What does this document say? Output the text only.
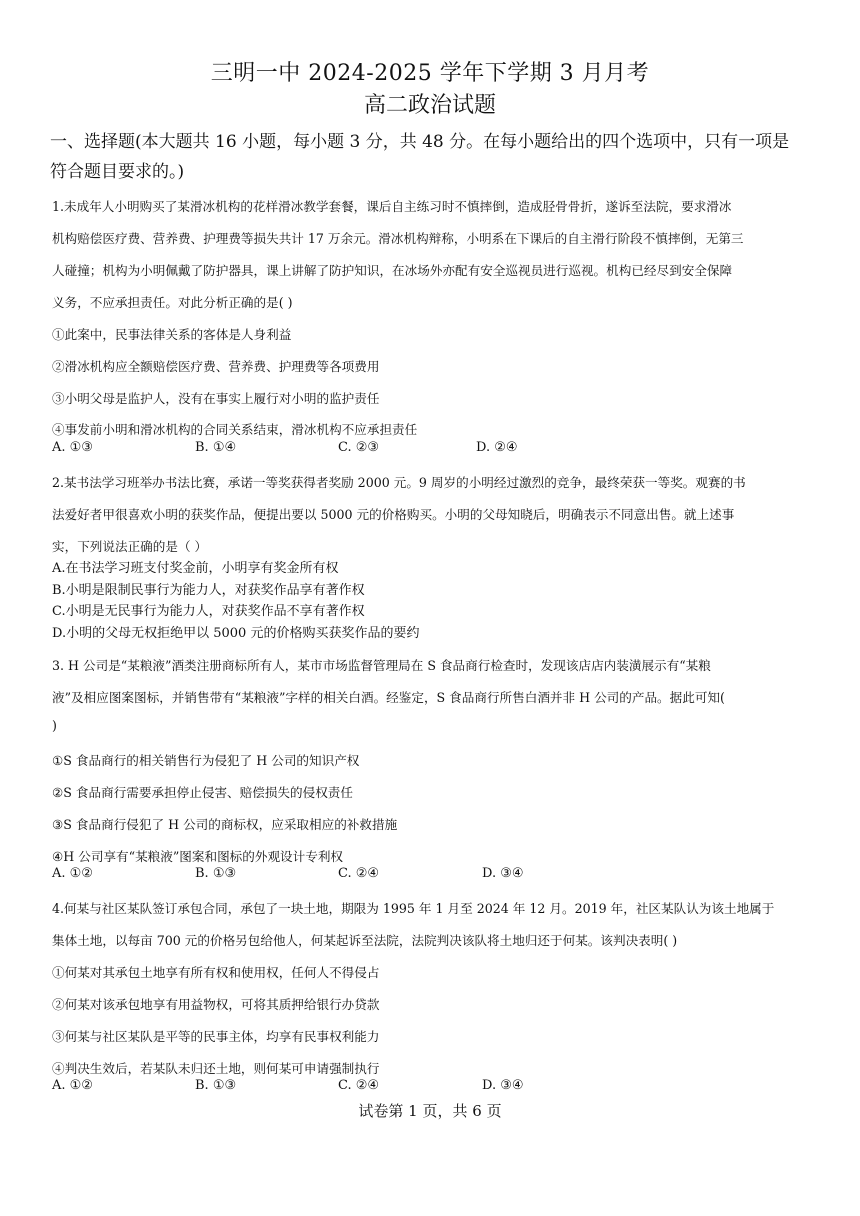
三明一中 2024-2025 学年下学期 3 月月考
高二政治试题
一、选择题(本大题共 16 小题，每小题 3 分，共 48 分。在每小题给出的四个选项中，只有一项是
符合题目要求的。)
1.未成年人小明购买了某滑冰机构的花样滑冰教学套餐，课后自主练习时不慎摔倒，造成胫骨骨折，遂诉至法院，要求滑冰
机构赔偿医疗费、营养费、护理费等损失共计 17 万余元。滑冰机构辩称，小明系在下课后的自主滑行阶段不慎摔倒，无第三
人碰撞；机构为小明佩戴了防护器具，课上讲解了防护知识，在冰场外亦配有安全巡视员进行巡视。机构已经尽到安全保障
义务，不应承担责任。对此分析正确的是( )
①此案中，民事法律关系的客体是人身利益
②滑冰机构应全额赔偿医疗费、营养费、护理费等各项费用
③小明父母是监护人，没有在事实上履行对小明的监护责任
④事发前小明和滑冰机构的合同关系结束，滑冰机构不应承担责任
A. ①③	B. ①④	C. ②③	D. ②④
2.某书法学习班举办书法比赛，承诺一等奖获得者奖励 2000 元。9 周岁的小明经过激烈的竞争，最终荣获一等奖。观赛的书
法爱好者甲很喜欢小明的获奖作品，便提出要以 5000 元的价格购买。小明的父母知晓后，明确表示不同意出售。就上述事
实，下列说法正确的是（ ）
A.在书法学习班支付奖金前，小明享有奖金所有权
B.小明是限制民事行为能力人，对获奖作品享有著作权
C.小明是无民事行为能力人，对获奖作品不享有著作权
D.小明的父母无权拒绝甲以 5000 元的价格购买获奖作品的要约
3. H 公司是“某粮液”酒类注册商标所有人，某市市场监督管理局在 S 食品商行检查时，发现该店店内装潢展示有“某粮
液”及相应图案图标，并销售带有“某粮液”字样的相关白酒。经鉴定，S 食品商行所售白酒并非 H 公司的产品。据此可知(
)
①S 食品商行的相关销售行为侵犯了 H 公司的知识产权
②S 食品商行需要承担停止侵害、赔偿损失的侵权责任
③S 食品商行侵犯了 H 公司的商标权，应采取相应的补救措施
④H 公司享有“某粮液”图案和图标的外观设计专利权
A. ①②	B. ①③	C. ②④	D. ③④
4.何某与社区某队签订承包合同，承包了一块土地，期限为 1995 年 1 月至 2024 年 12 月。2019 年，社区某队认为该土地属于
集体土地，以每亩 700 元的价格另包给他人，何某起诉至法院，法院判决该队将土地归还于何某。该判决表明( )
①何某对其承包土地享有所有权和使用权，任何人不得侵占
②何某对该承包地享有用益物权，可将其质押给银行办贷款
③何某与社区某队是平等的民事主体，均享有民事权利能力
④判决生效后，若某队未归还土地，则何某可申请强制执行
A. ①②	B. ①③	C. ②④	D. ③④
试卷第 1 页，共 6 页
